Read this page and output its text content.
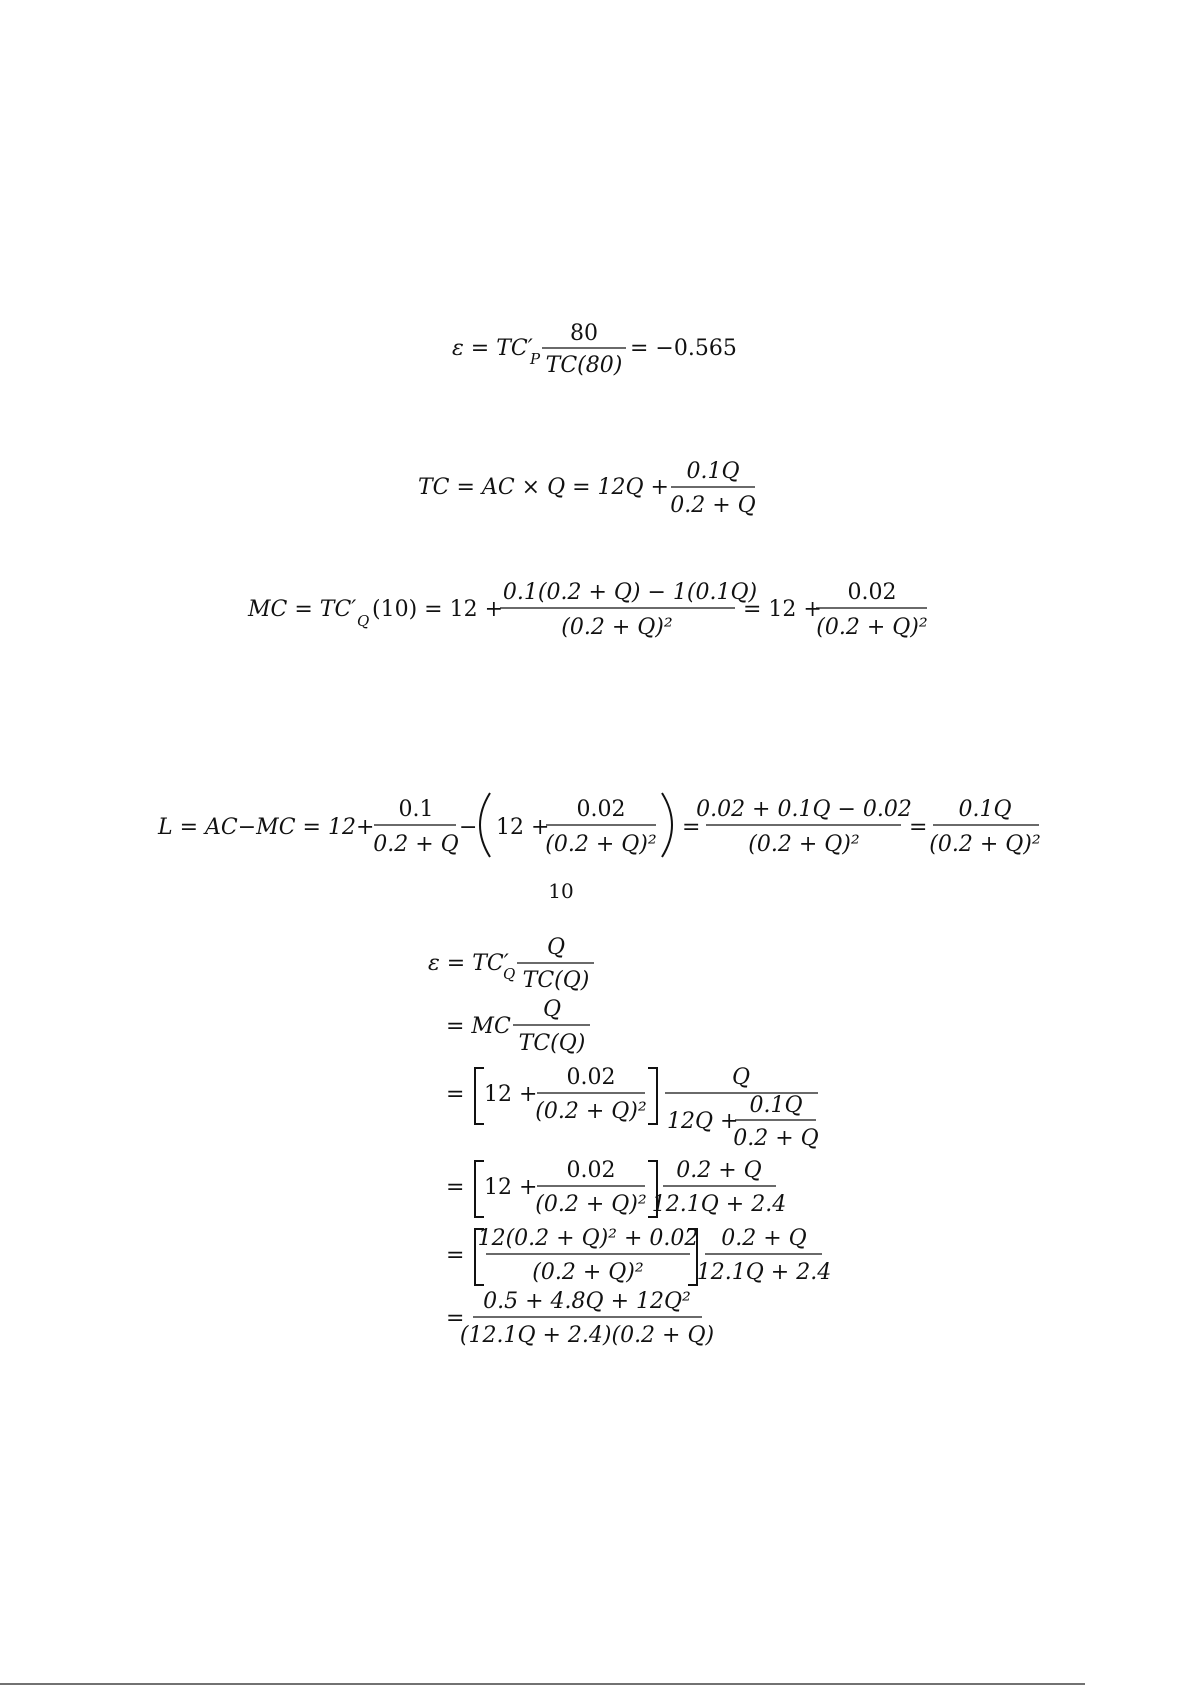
ε = TC′
P
80
TC(80)
= −0.565
TC = AC × Q = 12Q +
0.1Q
0.2 + Q
MC = TC′ Q (10) = 12 +
0.1(0.2 + Q) − 1(0.1Q)
(0.2 + Q)²
= 12 +
0.02
(0.2 + Q)²
L = AC−MC = 12+
0.1
0.2 + Q
− 12 +
0.02
(0.2 + Q)²
=
0.02 + 0.1Q − 0.02
(0.2 + Q)²
=
0.1Q
(0.2 + Q)²
10
ε = TC′
Q
Q
TC(Q)
= MC
Q
TC(Q)
= 12 +
0.02
(0.2 + Q)²
Q
12Q +
0.1Q
0.2 + Q
= 12 +
0.02
(0.2 + Q)²
0.2 + Q
12.1Q + 2.4
=
12(0.2 + Q)² + 0.02
(0.2 + Q)²
0.2 + Q
12.1Q + 2.4
=
0.5 + 4.8Q + 12Q²
(12.1Q + 2.4)(0.2 + Q)
